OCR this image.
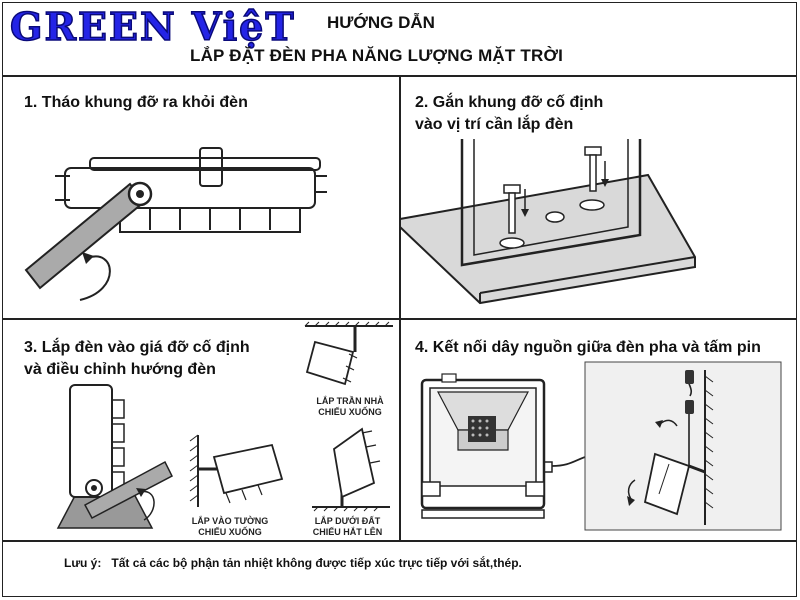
GREEN ViệT HƯỚNG DẪN
LẮP ĐẶT ĐÈN PHA NĂNG LƯỢNG MẶT TRỜI
1. Tháo khung đỡ ra khỏi đèn	2. Gắn khung đỡ cố định
vào vị trí cần lắp đèn
3. Lắp đèn vào giá đỡ cố định
và điều chỉnh hướng đèn
LẮP TRẦN NHÀ
CHIẾU XUỐNG
LẮP VÀO TƯỜNG
CHIẾU XUỐNG
LẮP DƯỚI ĐẤT
CHIẾU HẮT LÊN
4. Kết nối dây nguồn giữa đèn pha và tấm pin
Lưu ý: Tất cả các bộ phận tản nhiệt không được tiếp xúc trực tiếp với sắt,thép.
